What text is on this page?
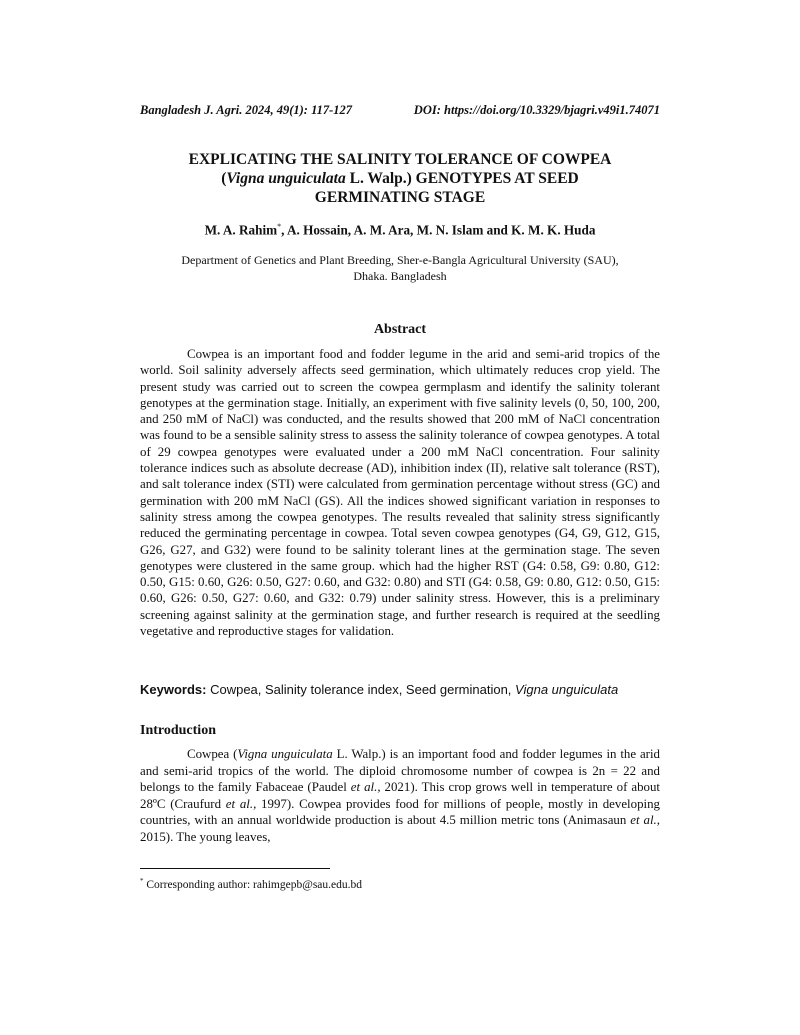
Bangladesh J. Agri. 2024, 49(1): 117-127	DOI: https://doi.org/10.3329/bjagri.v49i1.74071
EXPLICATING THE SALINITY TOLERANCE OF COWPEA
(Vigna unguiculata L. Walp.) GENOTYPES AT SEED
GERMINATING STAGE
M. A. Rahim*, A. Hossain, A. M. Ara, M. N. Islam and K. M. K. Huda
Department of Genetics and Plant Breeding, Sher-e-Bangla Agricultural University (SAU),
Dhaka. Bangladesh
Abstract

Cowpea is an important food and fodder legume in the arid and semi-arid tropics of the world. Soil salinity adversely affects seed germination, which ultimately reduces crop yield. The present study was carried out to screen the cowpea germplasm and identify the salinity tolerant genotypes at the germination stage. Initially, an experiment with five salinity levels (0, 50, 100, 200, and 250 mM of NaCl) was conducted, and the results showed that 200 mM of NaCl concentration was found to be a sensible salinity stress to assess the salinity tolerance of cowpea genotypes. A total of 29 cowpea genotypes were evaluated under a 200 mM NaCl concentration. Four salinity tolerance indices such as absolute decrease (AD), inhibition index (II), relative salt tolerance (RST), and salt tolerance index (STI) were calculated from germination percentage without stress (GC) and germination with 200 mM NaCl (GS). All the indices showed significant variation in responses to salinity stress among the cowpea genotypes. The results revealed that salinity stress significantly reduced the germinating percentage in cowpea. Total seven cowpea genotypes (G4, G9, G12, G15, G26, G27, and G32) were found to be salinity tolerant lines at the germination stage. The seven genotypes were clustered in the same group. which had the higher RST (G4: 0.58, G9: 0.80, G12: 0.50, G15: 0.60, G26: 0.50, G27: 0.60, and G32: 0.80) and STI (G4: 0.58, G9: 0.80, G12: 0.50, G15: 0.60, G26: 0.50, G27: 0.60, and G32: 0.79) under salinity stress. However, this is a preliminary screening against salinity at the germination stage, and further research is required at the seedling vegetative and reproductive stages for validation.

Keywords: Cowpea, Salinity tolerance index, Seed germination, Vigna unguiculata
Introduction

Cowpea (Vigna unguiculata L. Walp.) is an important food and fodder legumes in the arid and semi-arid tropics of the world. The diploid chromosome number of cowpea is 2n = 22 and belongs to the family Fabaceae (Paudel et al., 2021). This crop grows well in temperature of about 28ºC (Craufurd et al., 1997). Cowpea provides food for millions of people, mostly in developing countries, with an annual worldwide production is about 4.5 million metric tons (Animasaun et al., 2015). The young leaves,

* Corresponding author: rahimgepb@sau.edu.bd
